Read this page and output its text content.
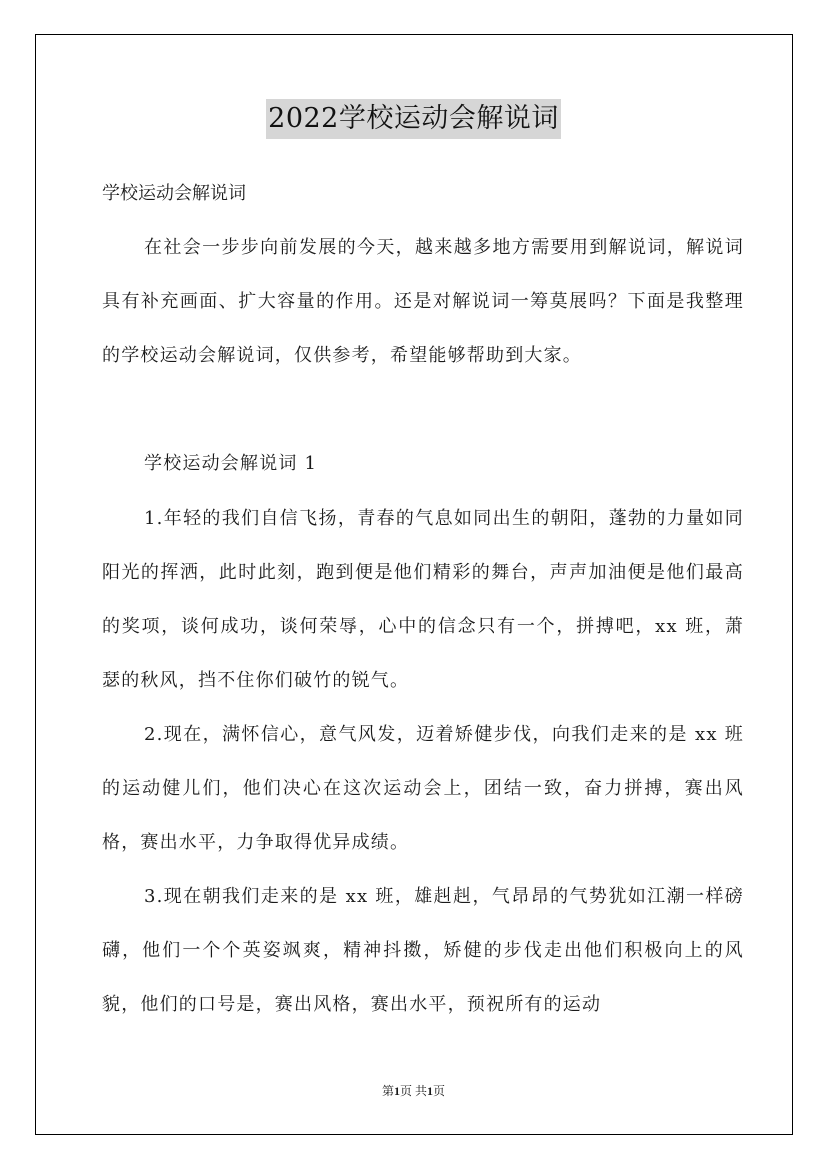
2022学校运动会解说词

学校运动会解说词

在社会一步步向前发展的今天，越来越多地方需要用到解说词，解说词具有补充画面、扩大容量的作用。还是对解说词一筹莫展吗？下面是我整理的学校运动会解说词，仅供参考，希望能够帮助到大家。

学校运动会解说词 1

1.年轻的我们自信飞扬，青春的气息如同出生的朝阳，蓬勃的力量如同阳光的挥洒，此时此刻，跑到便是他们精彩的舞台，声声加油便是他们最高的奖项，谈何成功，谈何荣辱，心中的信念只有一个，拼搏吧，xx 班，萧瑟的秋风，挡不住你们破竹的锐气。

2.现在，满怀信心，意气风发，迈着矫健步伐，向我们走来的是 xx 班的运动健儿们，他们决心在这次运动会上，团结一致，奋力拼搏，赛出风格，赛出水平，力争取得优异成绩。

3.现在朝我们走来的是 xx 班，雄赳赳，气昂昂的气势犹如江潮一样磅礴，他们一个个英姿飒爽，精神抖擞，矫健的步伐走出他们积极向上的风貌，他们的口号是，赛出风格，赛出水平，预祝所有的运动

第1页 共1页
